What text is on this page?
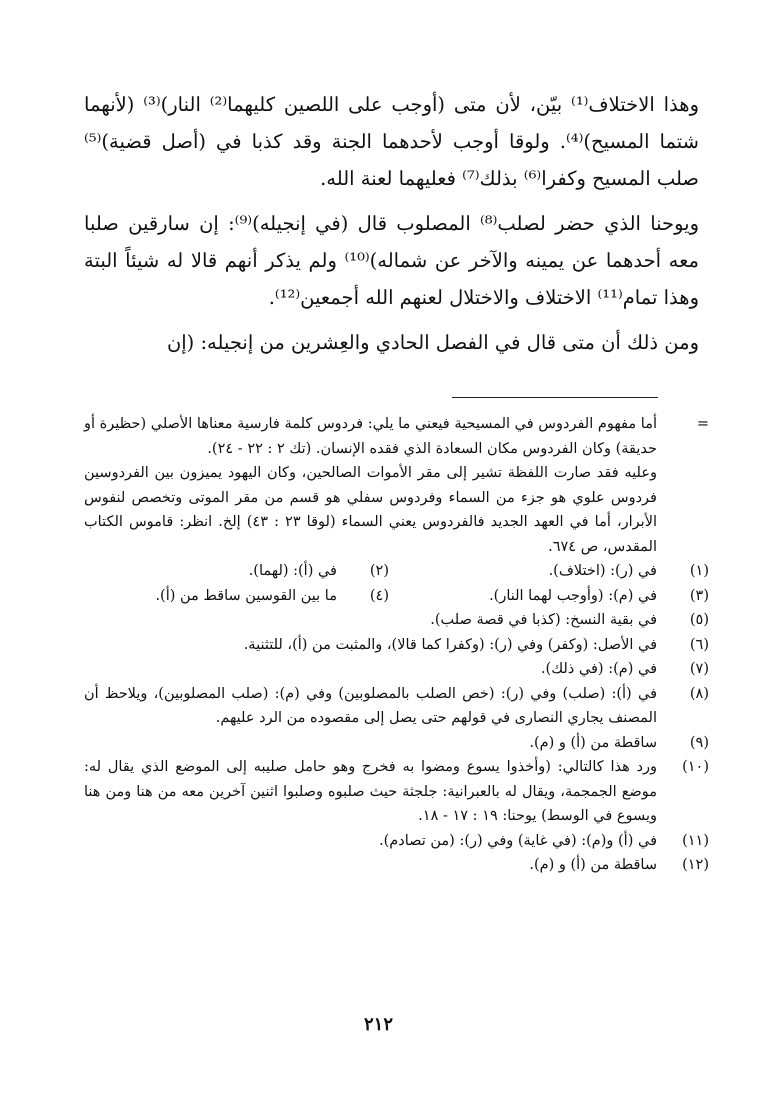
وهذا الاختلاف⁽¹⁾ بيّن، لأن متى (أوجب على اللصين كليهما⁽²⁾ النار)⁽³⁾ (لأنهما شتما المسيح)⁽⁴⁾. ولوقا أوجب لأحدهما الجنة وقد كذبا في (أصل قضية)⁽⁵⁾ صلب المسيح وكفرا⁽⁶⁾ بذلك⁽⁷⁾ فعليهما لعنة الله.

ويوحنا الذي حضر لصلب⁽⁸⁾ المصلوب قال (في إنجيله)⁽⁹⁾: إن سارقين صلبا معه أحدهما عن يمينه والآخر عن شماله)⁽¹⁰⁾ ولم يذكر أنهم قالا له شيئاً البتة وهذا تمام⁽¹¹⁾ الاختلاف والاختلال لعنهم الله أجمعين⁽¹²⁾.

ومن ذلك أن متى قال في الفصل الحادي والعِشرين من إنجيله: (إن

=
أما مفهوم الفردوس في المسيحية فيعني ما يلي: فردوس كلمة فارسية معناها الأصلي (حظيرة أو حديقة) وكان الفردوس مكان السعادة الذي فقده الإنسان. (تك ٢ : ٢٢ - ٢٤).
وعليه فقد صارت اللفظة تشير إلى مقر الأموات الصالحين، وكان اليهود يميزون بين الفردوسين فردوس علوي هو جزء من السماء وفردوس سفلي هو قسم من مقر الموتى وتخصص لنفوس الأبرار، أما في العهد الجديد فالفردوس يعني السماء (لوقا ٢٣ : ٤٣) إلخ. انظر: قاموس الكتاب المقدس، ص ٦٧٤.
(١)
في (ر): (اختلاف).
(٢)
في (أ): (لهما).
(٣)
في (م): (وأوجب لهما النار).
(٤)
ما بين القوسين ساقط من (أ).
(٥)
في بقية النسخ: (كذبا في قصة صلب).
(٦)
في الأصل: (وكفر) وفي (ر): (وكفرا كما قالا)، والمثبت من (أ)، للتثنية.
(٧)
في (م): (في ذلك).
(٨)
في (أ): (صلب) وفي (ر): (خص الصلب بالمصلوبين) وفي (م): (صلب المصلوبين)، ويلاحظ أن المصنف يجاري النصارى في قولهم حتى يصل إلى مقصوده من الرد عليهم.
(٩)
ساقطة من (أ) و (م).
(١٠)
ورد هذا كالتالي: (وأخذوا يسوع ومضوا به فخرج وهو حامل صليبه إلى الموضع الذي يقال له: موضع الجمجمة، ويقال له بالعبرانية: جلجثة حيث صلبوه وصلبوا اثنين آخرين معه من هنا ومن هنا ويسوع في الوسط) يوحنا: ١٩ : ١٧ - ١٨.
(١١)
في (أ) و(م): (في غاية) وفي (ر): (من تصادم).
(١٢)
ساقطة من (أ) و (م).
٢١٢
